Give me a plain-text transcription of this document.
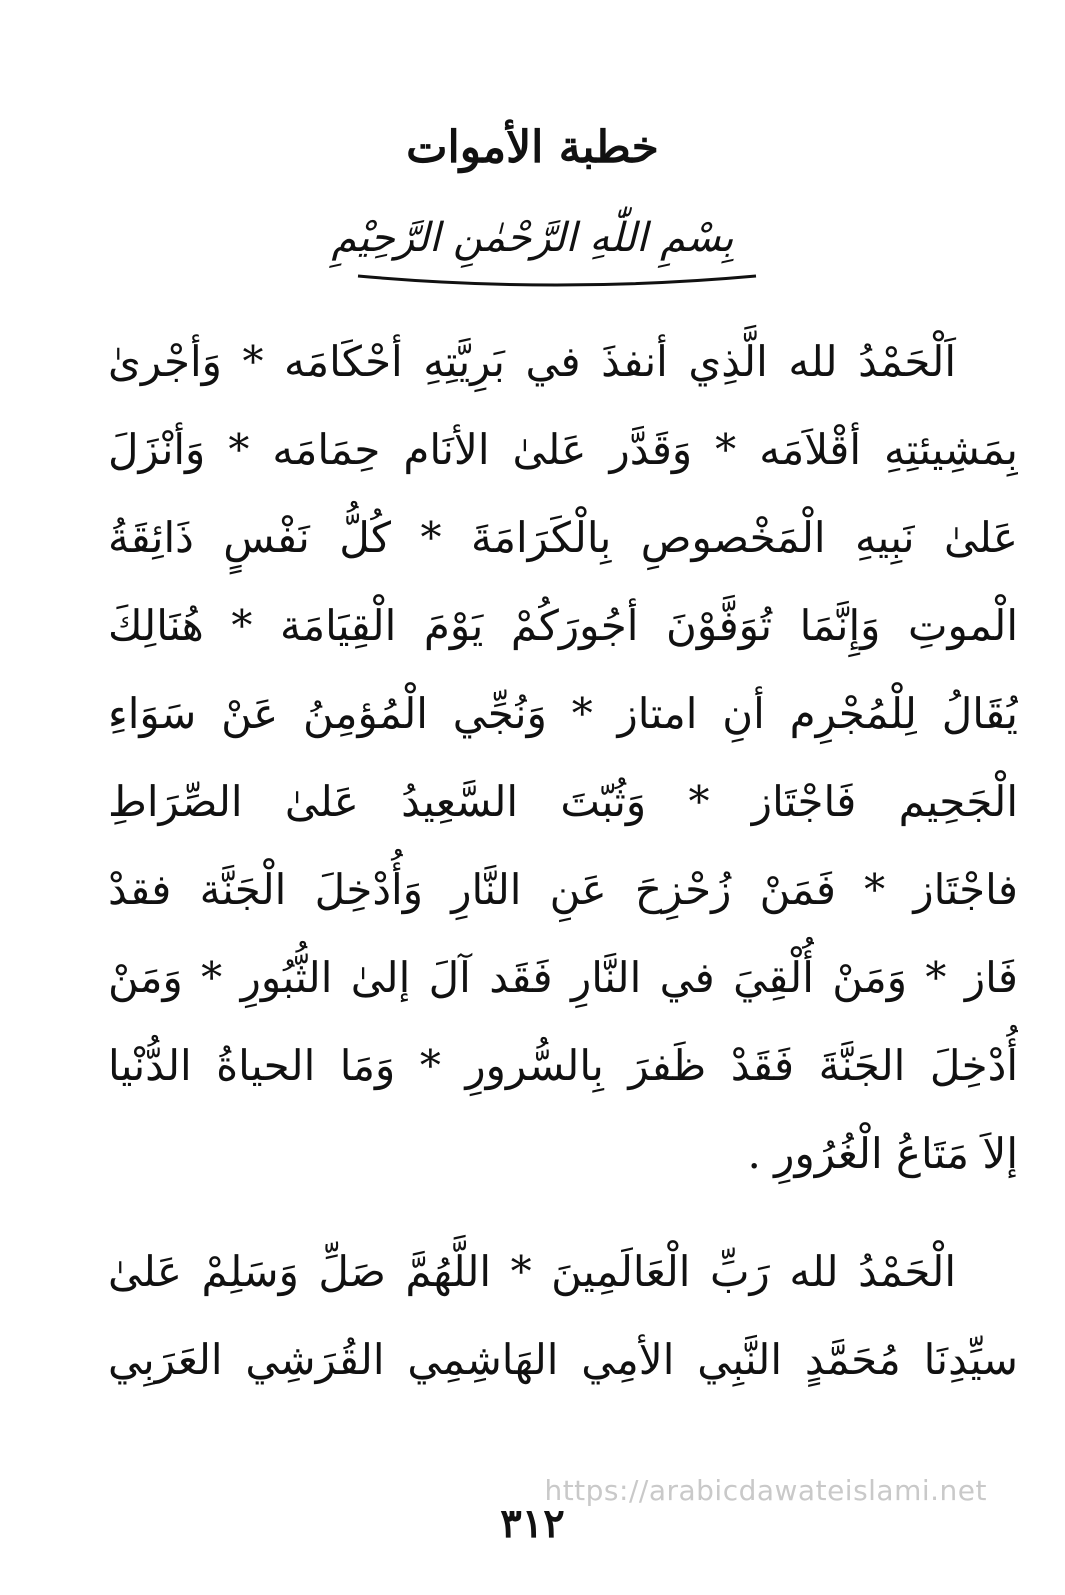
خطبة الأموات
بِسْمِ اللّٰهِ الرَّحْمٰنِ الرَّحِيْمِ
اَلْحَمْدُ لله الَّذِي أنفذَ في بَرِيَّتِهِ أحْكَامَه * وَأجْرىٰ
بِمَشِيئتِهِ أقْلاَمَه * وَقَدَّر عَلىٰ الأنَام حِمَامَه * وَأنْزَلَ
عَلىٰ نَبِيهِ الْمَخْصوصِ بِالْكَرَامَةَ * كُلُّ نَفْسٍ ذَائِقَةُ
الْموتِ وَإِنَّمَا تُوَفَّوْنَ أجُورَكُمْ يَوْمَ الْقِيَامَة * هُنَالِكَ
يُقَالُ لِلْمُجْرِم أنِ امتاز * وَنُجِّي الْمُؤمِنُ عَنْ سَوَاءِ
الْجَحِيم فَاجْتَاز * وَثُبّتَ السَّعِيدُ عَلىٰ الصِّرَاطِ
فاجْتَاز * فَمَنْ زُحْزِحَ عَنِ النَّارِ وَأُدْخِلَ الْجَنَّة فقدْ
فَاز * وَمَنْ أُلْقِيَ في النَّارِ فَقَد آلَ إلىٰ الثُّبُورِ * وَمَنْ
أُدْخِلَ الجَنَّةَ فَقَدْ ظَفرَ بِالسُّرورِ * وَمَا الحياةُ الدُّنْيا
إلاَ مَتَاعُ الْغُرُورِ .
الْحَمْدُ لله رَبِّ الْعَالَمِينَ * اللَّهُمَّ صَلِّ وَسَلِمْ عَلىٰ
سيِّدِنَا مُحَمَّدٍ النَّبِي الأمِي الهَاشِمِي القُرَشِي العَرَبِي
https://arabicdawateislami.net
٣١٢
